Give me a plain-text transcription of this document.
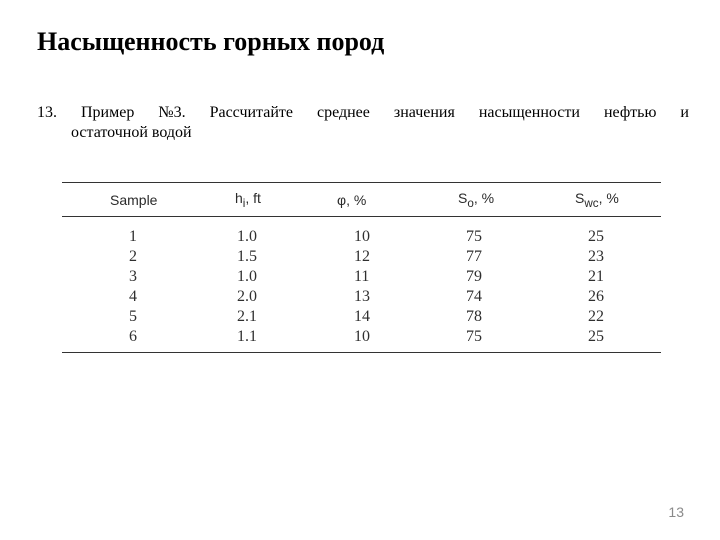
Насыщенность горных пород
13. Пример №3. Рассчитайте среднее значения насыщенности нефтью и
остаточной водой
Sample	$h_i$, ft	φ, %	$S_o$, %	$S_{wc}$, %
1	1.0	10	75	25
2	1.5	12	77	23
3	1.0	11	79	21
4	2.0	13	74	26
5	2.1	14	78	22
6	1.1	10	75	25
13
